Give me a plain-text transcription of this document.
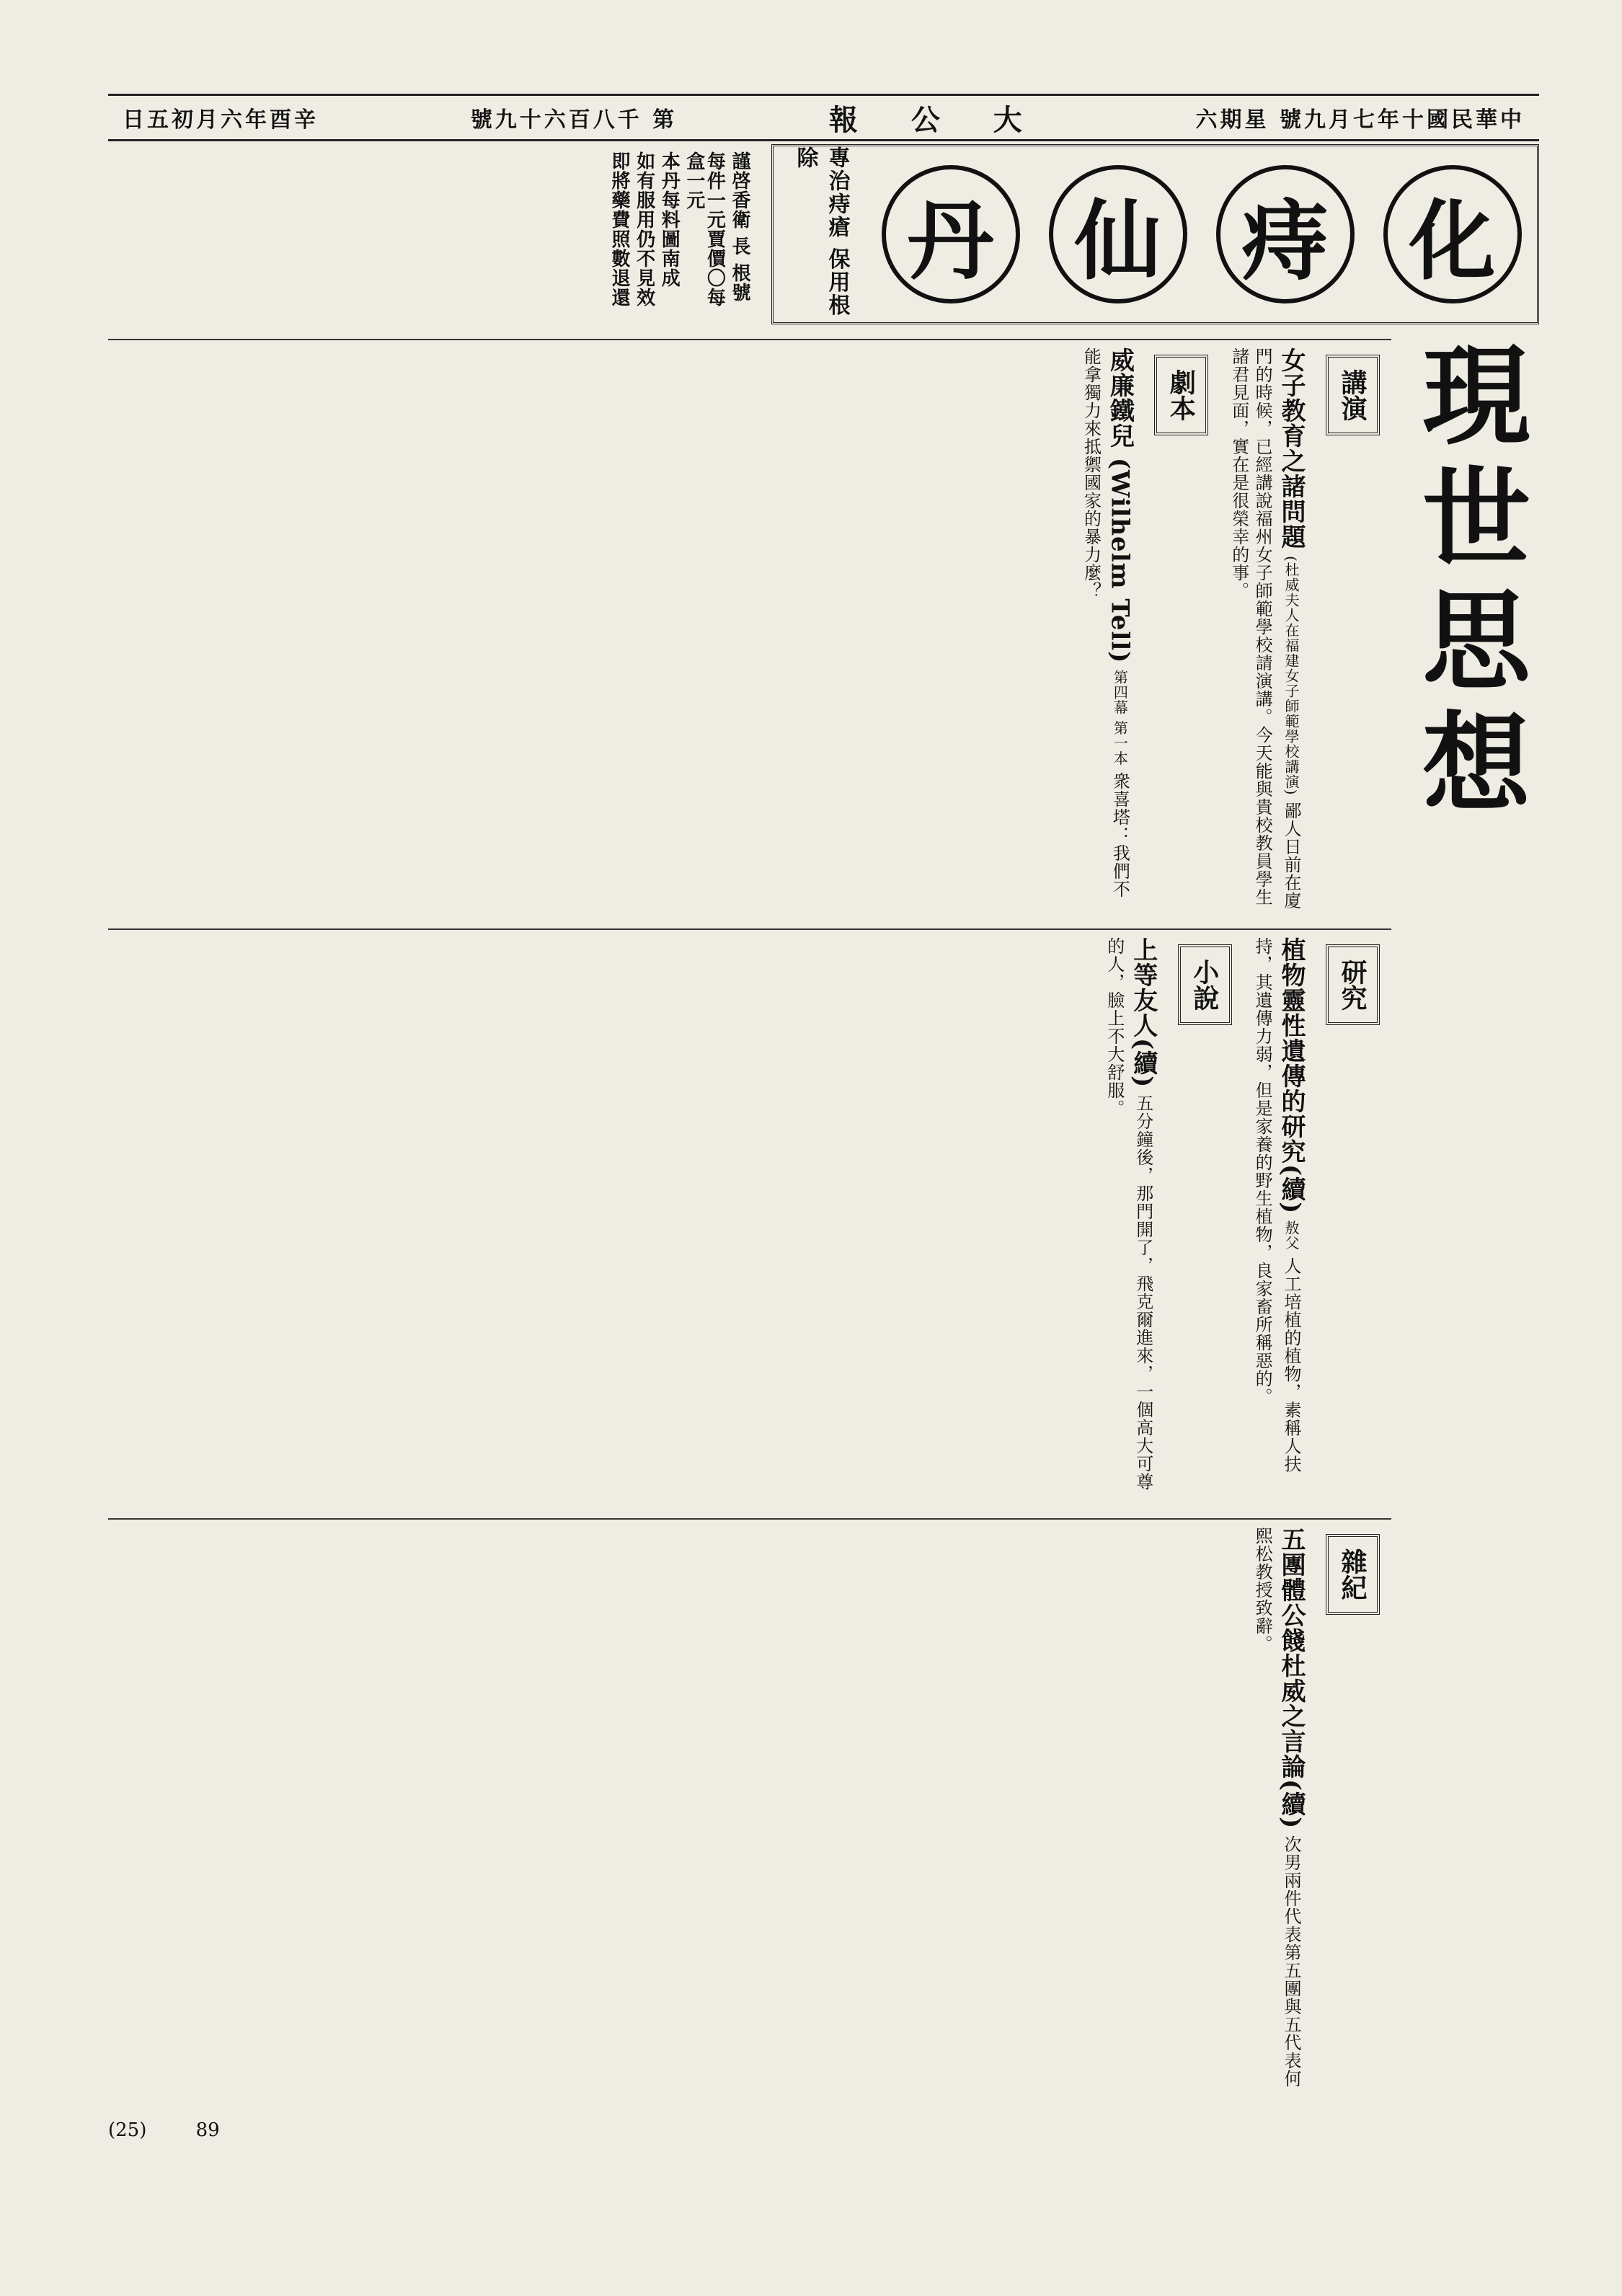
日五初月六年酉辛	號九十六百八千 第	報 公 大	六期星 號九月七年十國民華中
謹啓香衛 長 根號
每件一元賈價〇每盒一元
本丹每料圖南成
如有服用仍不見效
即將藥費照數退還	專治痔瘡 保用根除
丹 仙 痔 化
現世思想
講演
女子教育之諸問題 (杜威夫人在福建女子師範學校講演) 鄙人日前在廈門的時候，已經講說福州女子師範學校請演講。今天能與貴校教員學生諸君見面，實在是很榮幸的事。
劇本
威廉鐵兒 (Wilhelm Tell) 第四幕 第一本 衆喜塔：我們不能拿獨力來抵禦國家的暴力麼？
研究
植物靈性遺傳的研究(續) 敖父 人工培植的植物，素稱人扶持，其遺傳力弱，但是家養的野生植物，良家畜所稱惡的。
小說
上等友人(續) 五分鐘後，那門開了，飛克爾進來，一個高大可尊的人，臉上不大舒服。
雜紀
五團體公餞杜威之言論(續) 次男兩件代表第五團與五代表何熙松教授致辭。
(25)	89
